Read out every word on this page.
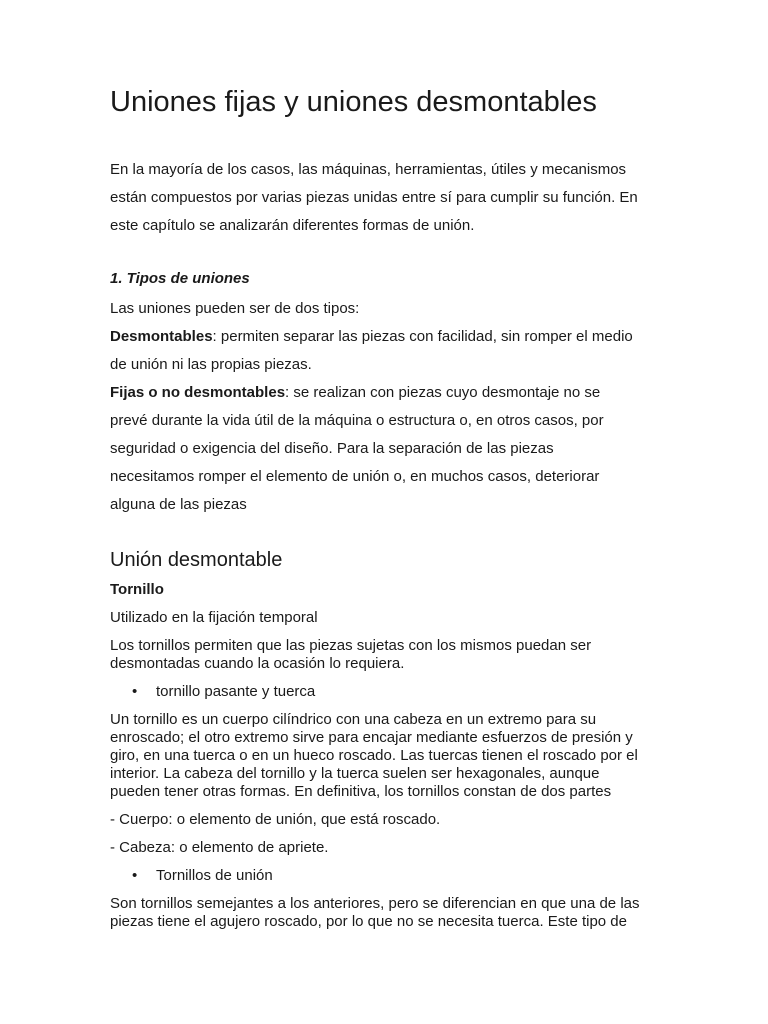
Uniones fijas y uniones desmontables

En la mayoría de los casos, las máquinas, herramientas, útiles y mecanismos

están compuestos por varias piezas unidas entre sí para cumplir su función. En

este capítulo se analizarán diferentes formas de unión.

1. Tipos de uniones

Las uniones pueden ser de dos tipos:

Desmontables: permiten separar las piezas con facilidad, sin romper el medio

de unión ni las propias piezas.

Fijas o no desmontables: se realizan con piezas cuyo desmontaje no se

prevé durante la vida útil de la máquina o estructura o, en otros casos, por

seguridad o exigencia del diseño. Para la separación de las piezas

necesitamos romper el elemento de unión o, en muchos casos, deteriorar

alguna de las piezas

Unión desmontable

Tornillo

Utilizado en la fijación temporal

Los tornillos permiten que las piezas sujetas con los mismos puedan ser
desmontadas cuando la ocasión lo requiera.

•	tornillo pasante y tuerca

Un tornillo es un cuerpo cilíndrico con una cabeza en un extremo para su
enroscado; el otro extremo sirve para encajar mediante esfuerzos de presión y
giro, en una tuerca o en un hueco roscado. Las tuercas tienen el roscado por el
interior. La cabeza del tornillo y la tuerca suelen ser hexagonales, aunque
pueden tener otras formas. En definitiva, los tornillos constan de dos partes

- Cuerpo: o elemento de unión, que está roscado.

- Cabeza: o elemento de apriete.

•	Tornillos de unión

Son tornillos semejantes a los anteriores, pero se diferencian en que una de las
piezas tiene el agujero roscado, por lo que no se necesita tuerca. Este tipo de
